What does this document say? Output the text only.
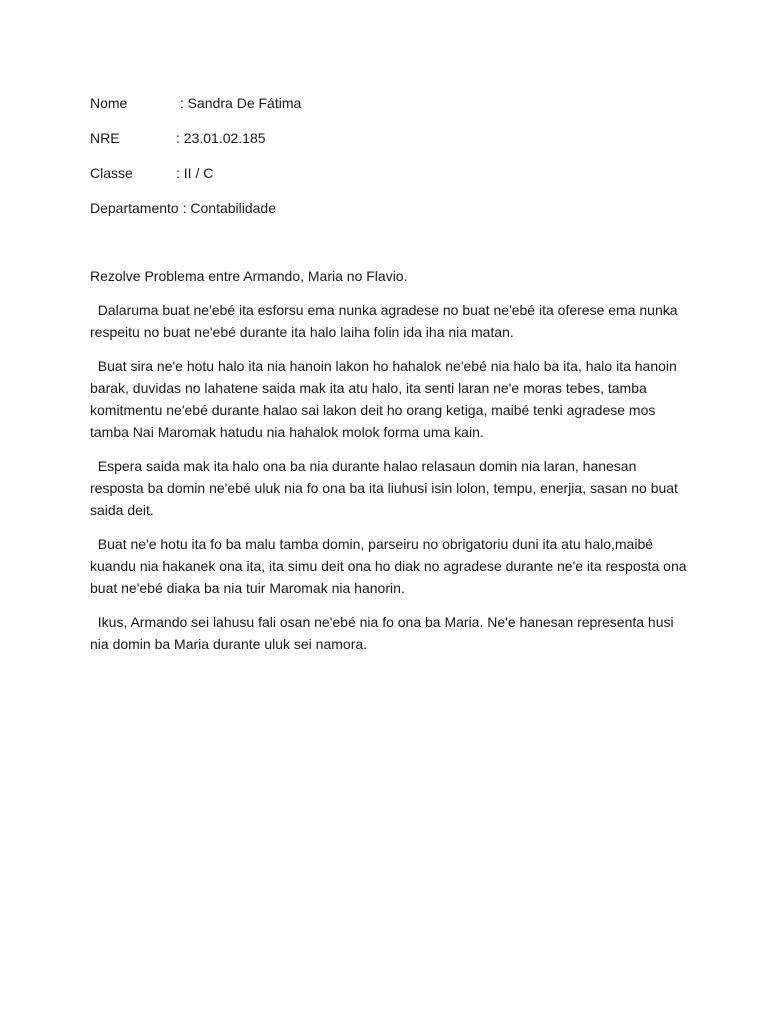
Nome	: Sandra De Fátima
NRE	: 23.01.02.185
Classe	: II / C
Departamento : Contabilidade

Rezolve Problema entre Armando, Maria no Flavio.

Dalaruma buat ne'ebé ita esforsu ema nunka agradese no buat ne'ebé ita oferese ema nunka respeitu no buat ne'ebé durante ita halo laiha folin ida iha nia matan.

Buat sira ne'e hotu halo ita nia hanoin lakon ho hahalok ne'ebé nia halo ba ita, halo ita hanoin barak, duvidas no lahatene saida mak ita atu halo, ita senti laran ne'e moras tebes, tamba komitmentu ne'ebé durante halao sai lakon deit ho orang ketiga, maibé tenki agradese mos tamba Nai Maromak hatudu nia hahalok molok forma uma kain.

Espera saida mak ita halo ona ba nia durante halao relasaun domin nia laran, hanesan resposta ba domin ne'ebé uluk nia fo ona ba ita liuhusi isin lolon, tempu, enerjia, sasan no buat saida deit.

Buat ne'e hotu ita fo ba malu tamba domin, parseiru no obrigatoriu duni ita atu halo,maibé kuandu nia hakanek ona ita, ita simu deit ona ho diak no agradese durante ne'e ita resposta ona buat ne'ebé diaka ba nia tuir Maromak nia hanorin.

Ikus, Armando sei lahusu fali osan ne'ebé nia fo ona ba Maria. Ne'e hanesan representa husi nia domin ba Maria durante uluk sei namora.
